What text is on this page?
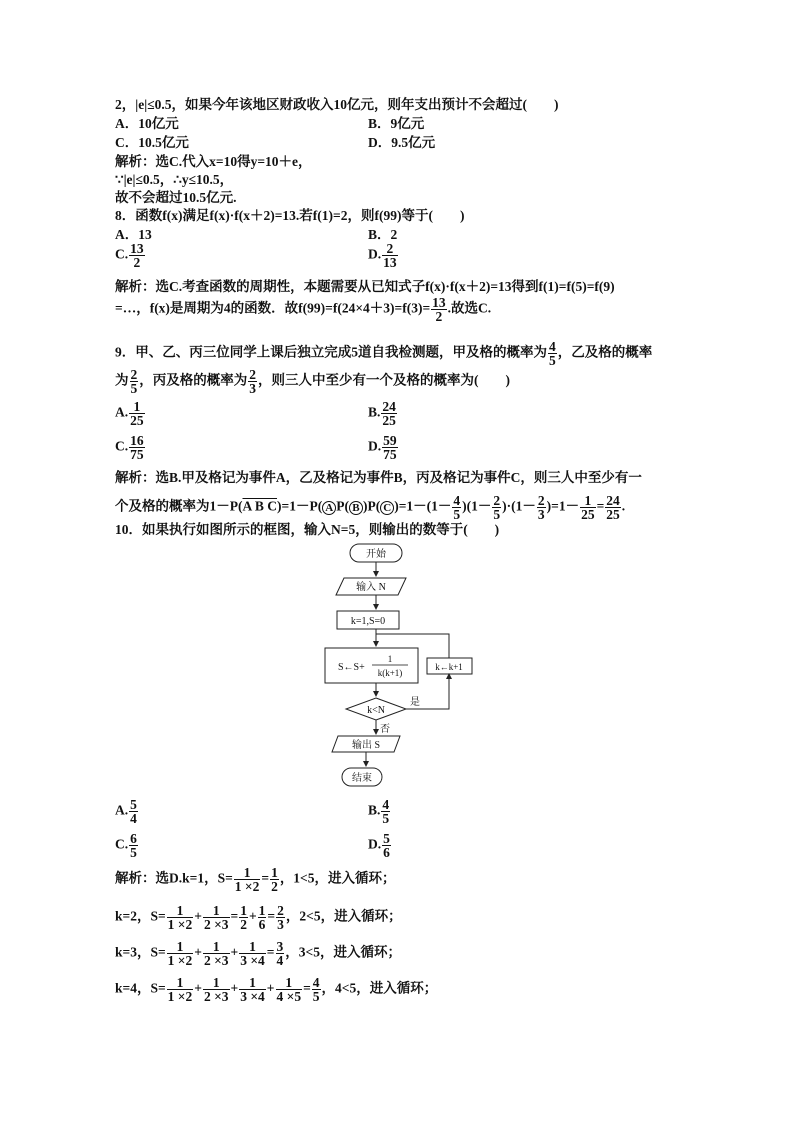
2，|e|≤0.5，如果今年该地区财政收入10亿元，则年支出预计不会超过(　　)
A．10亿元	B．9亿元
C．10.5亿元	D．9.5亿元
解析：选C.代入x=10得y=10＋e，
∵|e|≤0.5，∴y≤10.5，
故不会超过10.5亿元.
8．函数f(x)满足f(x)·f(x＋2)=13.若f(1)=2，则f(99)等于(　　)
A．13	B．2
C. $\frac{13}{2}$	D. $\frac{2}{13}$
解析：选C.考查函数的周期性，本题需要从已知式子f(x)·f(x＋2)=13得到f(1)=f(5)=f(9)
=…，f(x)是周期为4的函数．故$f(99)=f(24\times 4+3)=f(3)= \frac{13}{2}$ .故选C.
9．甲、乙、丙三位同学上课后独立完成5道自我检测题，甲及格的概率为 $\frac{4}{5}$ ，乙及格的概率
为 $\frac{2}{5}$ ，丙及格的概率为 $\frac{2}{3}$ ，则三人中至少有一个及格的概率为(　　)
A. $\frac{1}{25}$	B. $\frac{24}{25}$
C. $\frac{16}{75}$	D. $\frac{59}{75}$
解析：选B.甲及格记为事件A，乙及格记为事件B，丙及格记为事件C，则三人中至少有一
个及格的概率为1－P(A B C)=1－P( A P( B )P( C )$=1-(1- \frac{4}{5} )(1- \frac{2}{5} )\cdot(1- \frac{2}{3} )=1- \frac{1}{25} = \frac{24}{25}$ .
10．如果执行如图所示的框图，输入N=5，则输出的数等于(　　)
开始
输入 N
k=1,S=0
S←S+
1
k(k+1)
k←k+1
k<N
是
否
输出 S
结束
A. $\frac{5}{4}$	B. $\frac{4}{5}$
C. $\frac{6}{5}$	D. $\frac{5}{6}$
解析：选D.k=1，$S= \frac{1}{1 \times 2} = \frac{1}{2}$ ，1<5，进入循环；
k=2，$S= \frac{1}{1 \times 2} + \frac{1}{2 \times 3} = \frac{1}{2} + \frac{1}{6} = \frac{2}{3}$ ，2<5，进入循环；
k=3，$S= \frac{1}{1 \times 2} + \frac{1}{2 \times 3} + \frac{1}{3 \times 4} = \frac{3}{4}$ ，3<5，进入循环；
k=4，$S= \frac{1}{1 \times 2} + \frac{1}{2 \times 3} + \frac{1}{3 \times 4} + \frac{1}{4 \times 5} = \frac{4}{5}$ ，4<5，进入循环；
